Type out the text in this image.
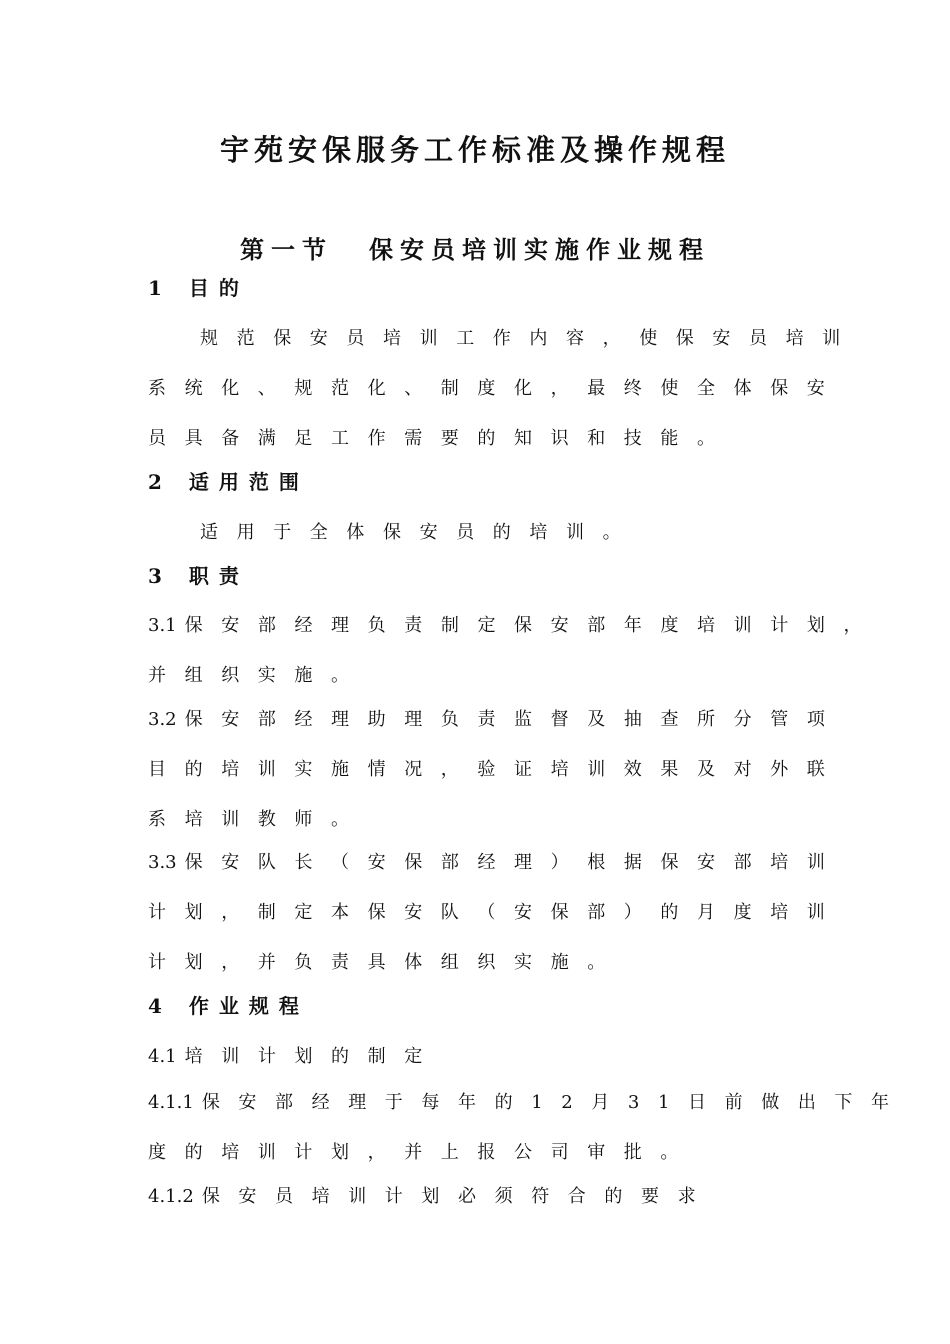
宇苑安保服务工作标准及操作规程
第一节 保安员培训实施作业规程
1 目的

规范保安员培训工作内容，使保安员培训

系统化、规范化、制度化，最终使全体保安

员具备满足工作需要的知识和技能。

2 适用范围

适用于全体保安员的培训。

3 职责

3.1 保安部经理负责制定保安部年度培训计划，

并组织实施。

3.2 保安部经理助理负责监督及抽查所分管项

目的培训实施情况，验证培训效果及对外联

系培训教师。

3.3 保安队长（安保部经理）根据保安部培训

计划，制定本保安队（安保部）的月度培训

计划，并负责具体组织实施。

4 作业规程

4.1 培训计划的制定

4.1.1 保安部经理于每年的12月31日前做出下年

度的培训计划，并上报公司审批。

4.1.2 保安员培训计划必须符合的要求
